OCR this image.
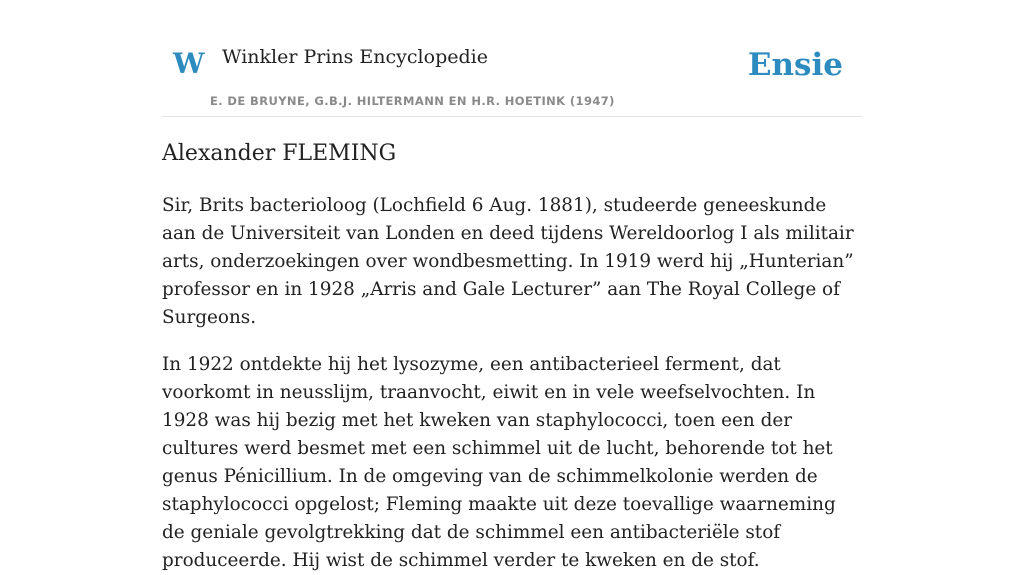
W Winkler Prins Encyclopedie
E. DE BRUYNE, G.B.J. HILTERMANN EN H.R. HOETINK (1947)
Ensie
Alexander FLEMING

Sir, Brits bacterioloog (Lochfield 6 Aug. 1881), studeerde geneeskunde aan de Universiteit van Londen en deed tijdens Wereldoorlog I als militair arts, onderzoekingen over wondbesmetting. In 1919 werd hij „Hunterian” professor en in 1928 „Arris and Gale Lecturer” aan The Royal College of Surgeons.

In 1922 ontdekte hij het lysozyme, een antibacterieel ferment, dat voorkomt in neusslijm, traanvocht, eiwit en in vele weefselvochten. In 1928 was hij bezig met het kweken van staphylococci, toen een der cultures werd besmet met een schimmel uit de lucht, behorende tot het genus Pénicillium. In de omgeving van de schimmelkolonie werden de staphylococci opgelost; Fleming maakte uit deze toevallige waarneming de geniale gevolgtrekking dat de schimmel een antibacteriële stof produceerde. Hij wist de schimmel verder te kweken en de stof.
